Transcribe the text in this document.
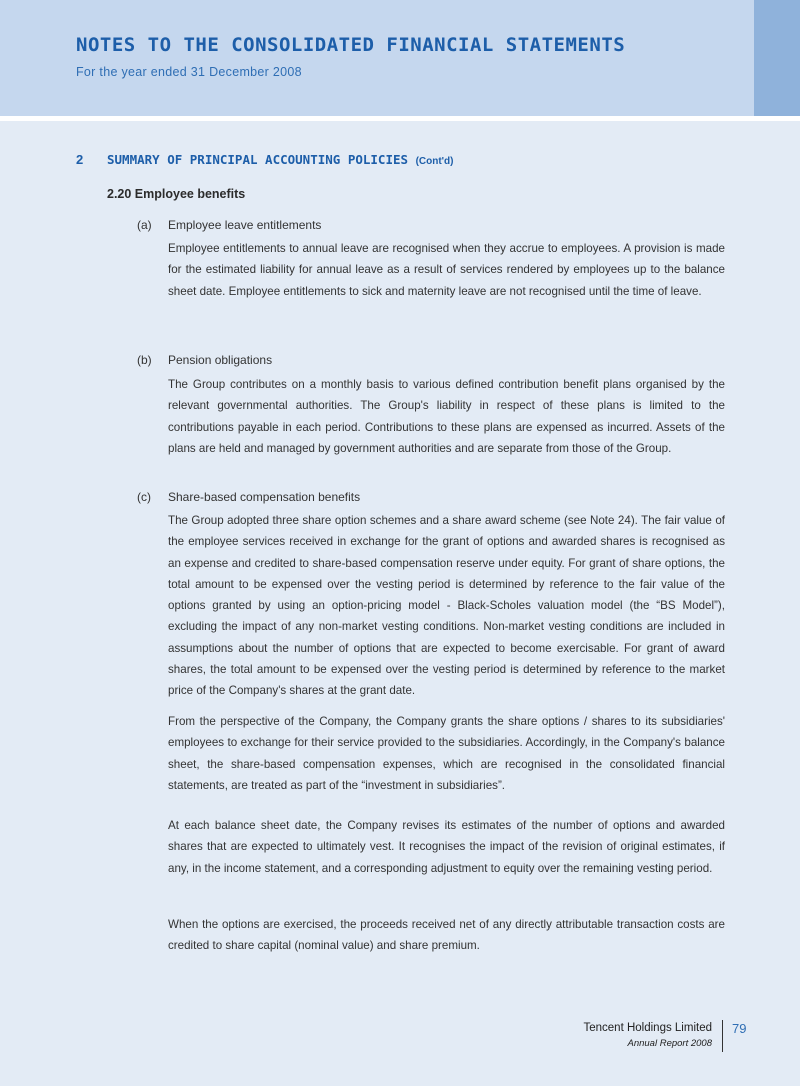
NOTES TO THE CONSOLIDATED FINANCIAL STATEMENTS
For the year ended 31 December 2008
2 SUMMARY OF PRINCIPAL ACCOUNTING POLICIES (Cont'd)
2.20 Employee benefits
(a) Employee leave entitlements

Employee entitlements to annual leave are recognised when they accrue to employees. A provision is made for the estimated liability for annual leave as a result of services rendered by employees up to the balance sheet date. Employee entitlements to sick and maternity leave are not recognised until the time of leave.

(b) Pension obligations

The Group contributes on a monthly basis to various defined contribution benefit plans organised by the relevant governmental authorities. The Group's liability in respect of these plans is limited to the contributions payable in each period. Contributions to these plans are expensed as incurred. Assets of the plans are held and managed by government authorities and are separate from those of the Group.

(c) Share-based compensation benefits

The Group adopted three share option schemes and a share award scheme (see Note 24). The fair value of the employee services received in exchange for the grant of options and awarded shares is recognised as an expense and credited to share-based compensation reserve under equity. For grant of share options, the total amount to be expensed over the vesting period is determined by reference to the fair value of the options granted by using an option-pricing model - Black-Scholes valuation model (the “BS Model”), excluding the impact of any non-market vesting conditions. Non-market vesting conditions are included in assumptions about the number of options that are expected to become exercisable. For grant of award shares, the total amount to be expensed over the vesting period is determined by reference to the market price of the Company's shares at the grant date.

From the perspective of the Company, the Company grants the share options / shares to its subsidiaries' employees to exchange for their service provided to the subsidiaries. Accordingly, in the Company's balance sheet, the share-based compensation expenses, which are recognised in the consolidated financial statements, are treated as part of the “investment in subsidiaries”.

At each balance sheet date, the Company revises its estimates of the number of options and awarded shares that are expected to ultimately vest. It recognises the impact of the revision of original estimates, if any, in the income statement, and a corresponding adjustment to equity over the remaining vesting period.

When the options are exercised, the proceeds received net of any directly attributable transaction costs are credited to share capital (nominal value) and share premium.

Tencent Holdings Limited
Annual Report 2008
79
